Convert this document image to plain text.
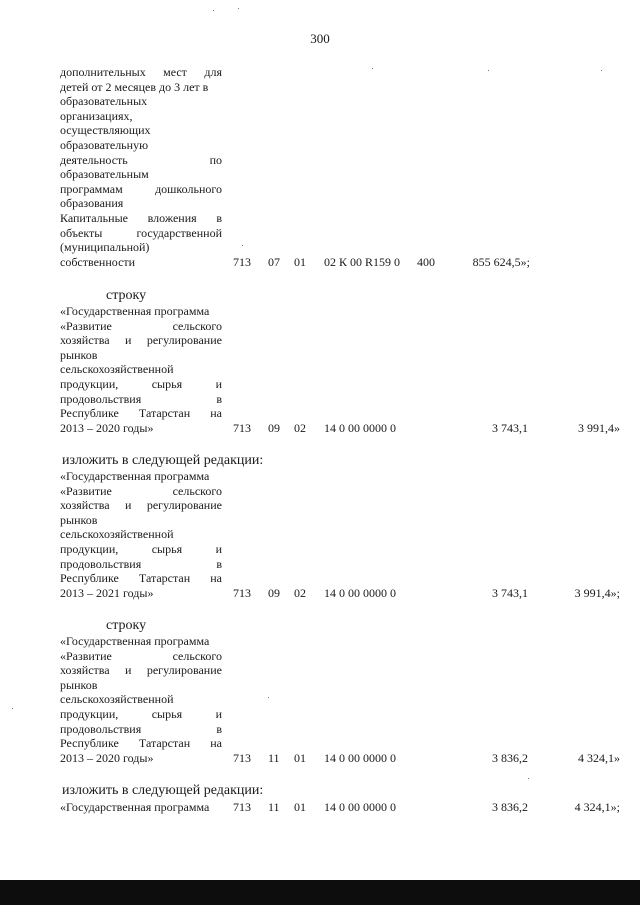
300
дополнительных мест для
детей от 2 месяцев до 3 лет в
образовательных
организациях,
осуществляющих
образовательную
деятельность	по
образовательным
программам	дошкольного
образования
Капитальные вложения в
объекты	государственной
(муниципальной)
собственности	713 07 01 02 К 00 R159 0 400	855 624,5»;
строку
«Государственная программа
«Развитие	сельского
хозяйства и регулирование
рынков
сельскохозяйственной
продукции,	сырья	и
продовольствия	в
Республике Татарстан на
2013 – 2020 годы»	713 09 02 14 0 00 0000 0	3 743,1	3 991,4»
изложить в следующей редакции:
«Государственная программа
«Развитие	сельского
хозяйства и регулирование
рынков
сельскохозяйственной
продукции,	сырья	и
продовольствия	в
Республике Татарстан на
2013 – 2021 годы»	713 09 02 14 0 00 0000 0	3 743,1	3 991,4»;
строку
«Государственная программа
«Развитие	сельского
хозяйства и регулирование
рынков
сельскохозяйственной
продукции,	сырья	и
продовольствия	в
Республике Татарстан на
2013 – 2020 годы»	713 11 01 14 0 00 0000 0	3 836,2	4 324,1»
изложить в следующей редакции:
«Государственная программа	713 11 01 14 0 00 0000 0	3 836,2	4 324,1»;
